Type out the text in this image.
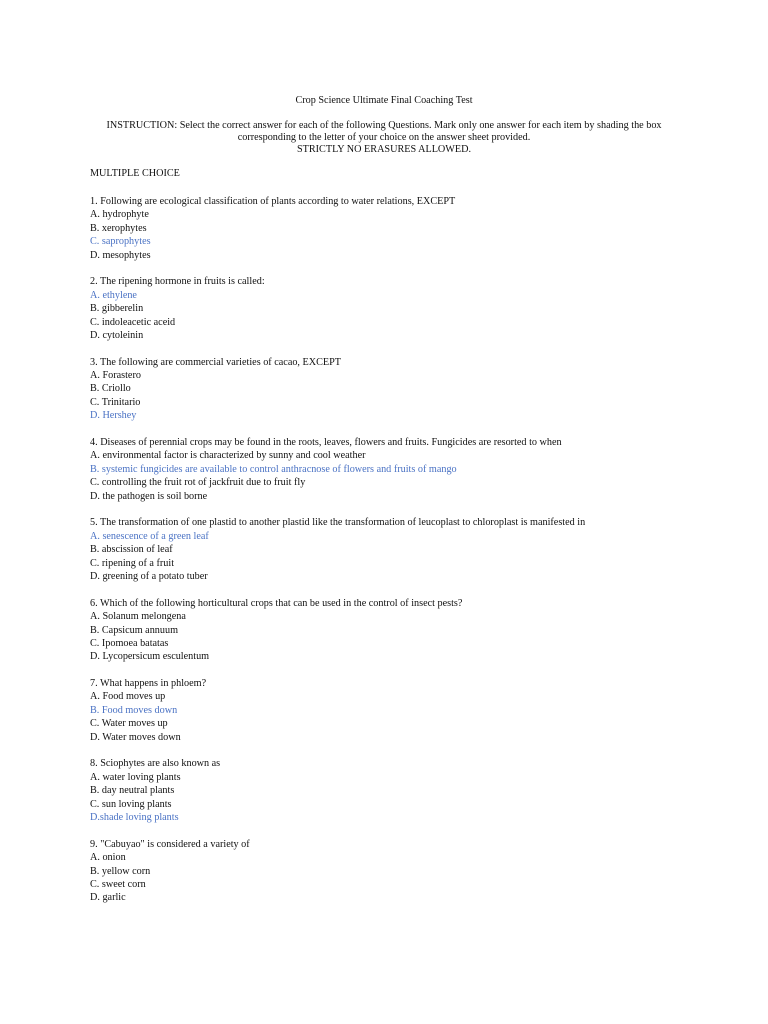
Crop Science Ultimate Final Coaching Test
INSTRUCTION: Select the correct answer for each of the following Questions. Mark only one answer for each item by shading the box
corresponding to the letter of your choice on the answer sheet provided.
STRICTLY NO ERASURES ALLOWED.
MULTIPLE CHOICE
1. Following are ecological classification of plants according to water relations, EXCEPT
A. hydrophyte
B. xerophytes
C. saprophytes
D. mesophytes
2. The ripening hormone in fruits is called:
A. ethylene
B. gibberelin
C. indoleacetic aceid
D. cytoleinin
3. The following are commercial varieties of cacao, EXCEPT
A. Forastero
B. Criollo
C. Trinitario
D. Hershey
4. Diseases of perennial crops may be found in the roots, leaves, flowers and fruits. Fungicides are resorted to when
A. environmental factor is characterized by sunny and cool weather
B. systemic fungicides are available to control anthracnose of flowers and fruits of mango
C. controlling the fruit rot of jackfruit due to fruit fly
D. the pathogen is soil borne
5. The transformation of one plastid to another plastid like the transformation of leucoplast to chloroplast is manifested in
A. senescence of a green leaf
B. abscission of leaf
C. ripening of a fruit
D. greening of a potato tuber
6. Which of the following horticultural crops that can be used in the control of insect pests?
A. Solanum melongena
B. Capsicum annuum
C. Ipomoea batatas
D. Lycopersicum esculentum
7. What happens in phloem?
A. Food moves up
B. Food moves down
C. Water moves up
D. Water moves down
8. Sciophytes are also known as
A. water loving plants
B. day neutral plants
C. sun loving plants
D.shade loving plants
9. "Cabuyao" is considered a variety of
A. onion
B. yellow corn
C. sweet corn
D. garlic
